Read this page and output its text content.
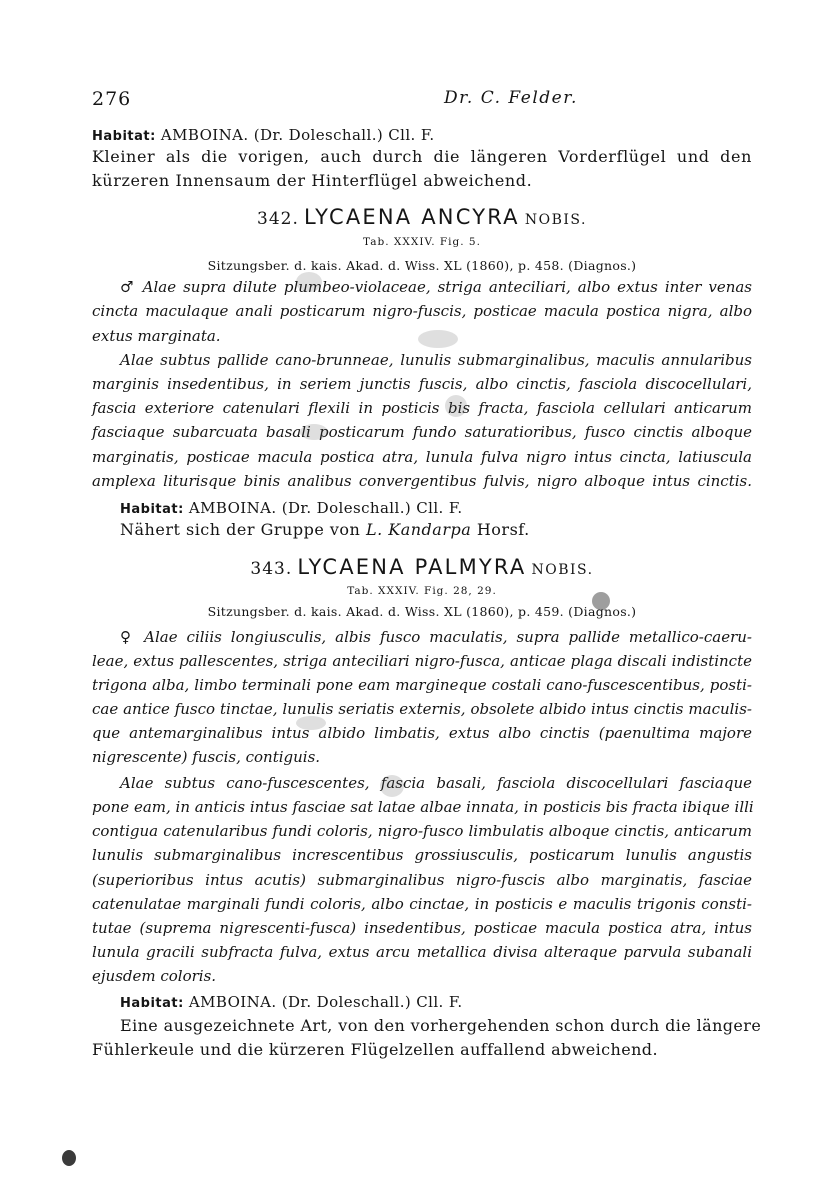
276	Dr. C. Felder.
Habitat: AMBOINA. (Dr. Doleschall.) Cll. F.
Kleiner als die vorigen, auch durch die längeren Vorderflügel und den
kürzeren Innensaum der Hinterflügel abweichend.
342. LYCAENA ANCYRA NOBIS.
Tab. XXXIV. Fig. 5.
Sitzungsber. d. kais. Akad. d. Wiss. XL (1860), p. 458. (Diagnos.)
♂ Alae supra dilute plumbeo-violaceae, striga anteciliari, albo extus inter venas
cincta maculaque anali posticarum nigro-fuscis, posticae macula postica nigra, albo
extus marginata.
Alae subtus pallide cano-brunneae, lunulis submarginalibus, maculis annularibus
marginis insedentibus, in seriem junctis fuscis, albo cinctis, fasciola discocellulari,
fascia exteriore catenulari flexili in posticis bis fracta, fasciola cellulari anticarum
fasciaque subarcuata basali posticarum fundo saturatioribus, fusco cinctis alboque
marginatis, posticae macula postica atra, lunula fulva nigro intus cincta, latiuscula
amplexa liturisque binis analibus convergentibus fulvis, nigro alboque intus cinctis.
Habitat: AMBOINA. (Dr. Doleschall.) Cll. F.
Nähert sich der Gruppe von L. Kandarpa Horsf.
343. LYCAENA PALMYRA NOBIS.
Tab. XXXIV. Fig. 28, 29.
Sitzungsber. d. kais. Akad. d. Wiss. XL (1860), p. 459. (Diagnos.)
♀ Alae ciliis longiusculis, albis fusco maculatis, supra pallide metallico-caeru-
leae, extus pallescentes, striga anteciliari nigro-fusca, anticae plaga discali indistincte
trigona alba, limbo terminali pone eam margineque costali cano-fuscescentibus, posti-
cae antice fusco tinctae, lunulis seriatis externis, obsolete albido intus cinctis maculis-
que antemarginalibus intus albido limbatis, extus albo cinctis (paenultima majore
nigrescente) fuscis, contiguis.
Alae subtus cano-fuscescentes, fascia basali, fasciola discocellulari fasciaque
pone eam, in anticis intus fasciae sat latae albae innata, in posticis bis fracta ibique illi
contigua catenularibus fundi coloris, nigro-fusco limbulatis alboque cinctis, anticarum
lunulis submarginalibus increscentibus grossiusculis, posticarum lunulis angustis
(superioribus intus acutis) submarginalibus nigro-fuscis albo marginatis, fasciae
catenulatae marginali fundi coloris, albo cinctae, in posticis e maculis trigonis consti-
tutae (suprema nigrescenti-fusca) insedentibus, posticae macula postica atra, intus
lunula gracili subfracta fulva, extus arcu metallica divisa alteraque parvula subanali
ejusdem coloris.
Habitat: AMBOINA. (Dr. Doleschall.) Cll. F.
Eine ausgezeichnete Art, von den vorhergehenden schon durch die längere
Fühlerkeule und die kürzeren Flügelzellen auffallend abweichend.
